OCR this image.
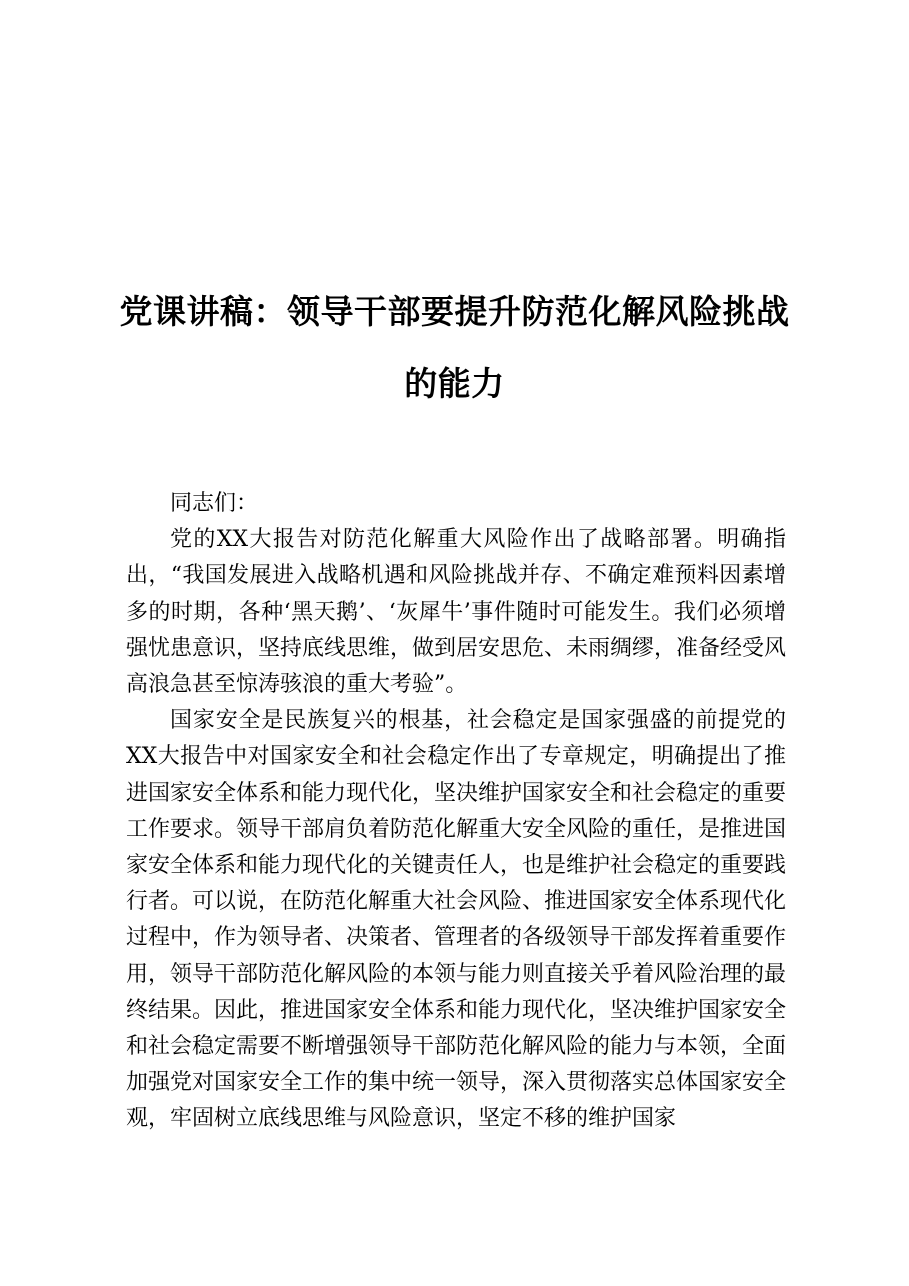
党课讲稿：领导干部要提升防范化解风险挑战
的能力

同志们：

党的XX大报告对防范化解重大风险作出了战略部署。明确指出，“我国发展进入战略机遇和风险挑战并存、不确定难预料因素增多的时期，各种‘黑天鹅’、‘灰犀牛’事件随时可能发生。我们必须增强忧患意识，坚持底线思维，做到居安思危、未雨绸缪，准备经受风高浪急甚至惊涛骇浪的重大考验”。

国家安全是民族复兴的根基，社会稳定是国家强盛的前提党的XX大报告中对国家安全和社会稳定作出了专章规定，明确提出了推进国家安全体系和能力现代化，坚决维护国家安全和社会稳定的重要工作要求。领导干部肩负着防范化解重大安全风险的重任，是推进国家安全体系和能力现代化的关键责任人，也是维护社会稳定的重要践行者。可以说，在防范化解重大社会风险、推进国家安全体系现代化过程中，作为领导者、决策者、管理者的各级领导干部发挥着重要作用，领导干部防范化解风险的本领与能力则直接关乎着风险治理的最终结果。因此，推进国家安全体系和能力现代化，坚决维护国家安全和社会稳定需要不断增强领导干部防范化解风险的能力与本领，全面加强党对国家安全工作的集中统一领导，深入贯彻落实总体国家安全观，牢固树立底线思维与风险意识，坚定不移的维护国家
